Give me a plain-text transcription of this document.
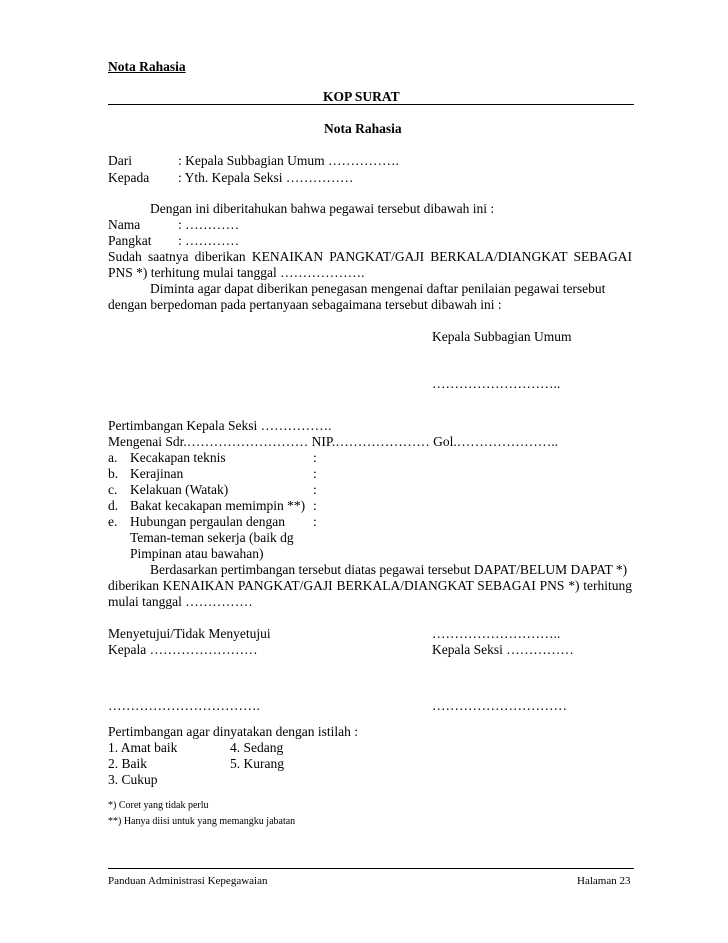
Nota Rahasia
KOP SURAT
Nota Rahasia
Dari	: Kepala Subbagian Umum …………….
Kepada : Yth. Kepala Seksi ……………
Dengan ini diberitahukan bahwa pegawai tersebut dibawah ini :
Nama	: …………
Pangkat : …………
Sudah saatnya diberikan KENAIKAN PANGKAT/GAJI BERKALA/DIANGKAT SEBAGAI
PNS *) terhitung mulai tanggal ……………….
Diminta agar dapat diberikan penegasan mengenai daftar penilaian pegawai tersebut
dengan berpedoman pada pertanyaan sebagaimana tersebut dibawah ini :
Kepala Subbagian Umum
………………………..
Pertimbangan Kepala Seksi …………….
Mengenai Sdr.……………………… NIP.………………… Gol.…………………..
a. Kecakapan teknis	:
b. Kerajinan	:
c. Kelakuan (Watak)	:
d. Bakat kecakapan memimpin **) :
e. Hubungan pergaulan dengan :
Teman-teman sekerja (baik dg
Pimpinan atau bawahan)
Berdasarkan pertimbangan tersebut diatas pegawai tersebut DAPAT/BELUM DAPAT *)
diberikan KENAIKAN PANGKAT/GAJI BERKALA/DIANGKAT SEBAGAI PNS *) terhitung
mulai tanggal ……………
Menyetujui/Tidak Menyetujui	………………………..
Kepala ……………………	Kepala Seksi ……………
…………………………….	…………………………
Pertimbangan agar dinyatakan dengan istilah :
1. Amat baik	4. Sedang
2. Baik	5. Kurang
3. Cukup
*) Coret yang tidak perlu
**) Hanya diisi untuk yang memangku jabatan
Panduan Administrasi Kepegawaian	Halaman 23
